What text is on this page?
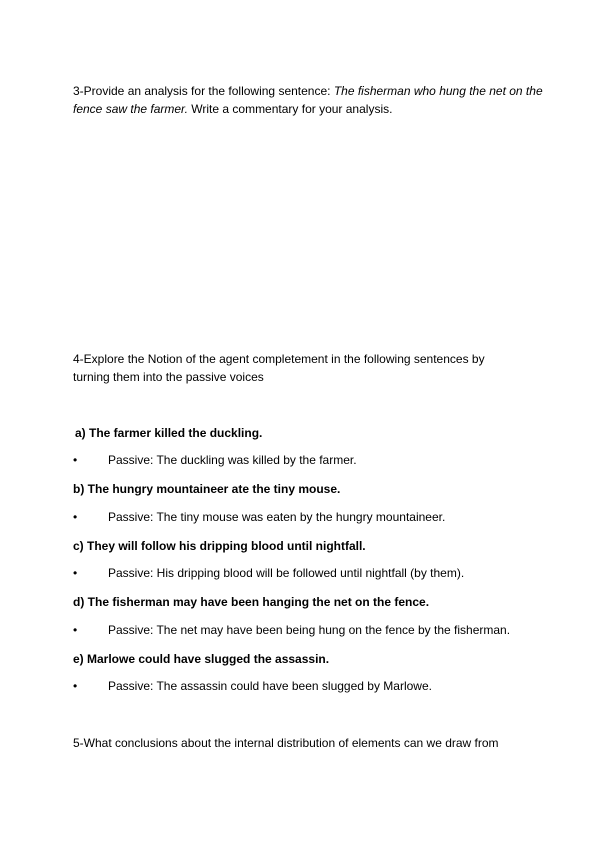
3-Provide an analysis for the following sentence: The fisherman who hung the net on the fence saw the farmer. Write a commentary for your analysis.

4-Explore the Notion of the agent completement in the following sentences by turning them into the passive voices

a) The farmer killed the duckling.

•	Passive: The duckling was killed by the farmer.

b) The hungry mountaineer ate the tiny mouse.

•	Passive: The tiny mouse was eaten by the hungry mountaineer.

c) They will follow his dripping blood until nightfall.

•	Passive: His dripping blood will be followed until nightfall (by them).

d) The fisherman may have been hanging the net on the fence.

•	Passive: The net may have been being hung on the fence by the fisherman.

e) Marlowe could have slugged the assassin.

•	Passive: The assassin could have been slugged by Marlowe.

5-What conclusions about the internal distribution of elements can we draw from
